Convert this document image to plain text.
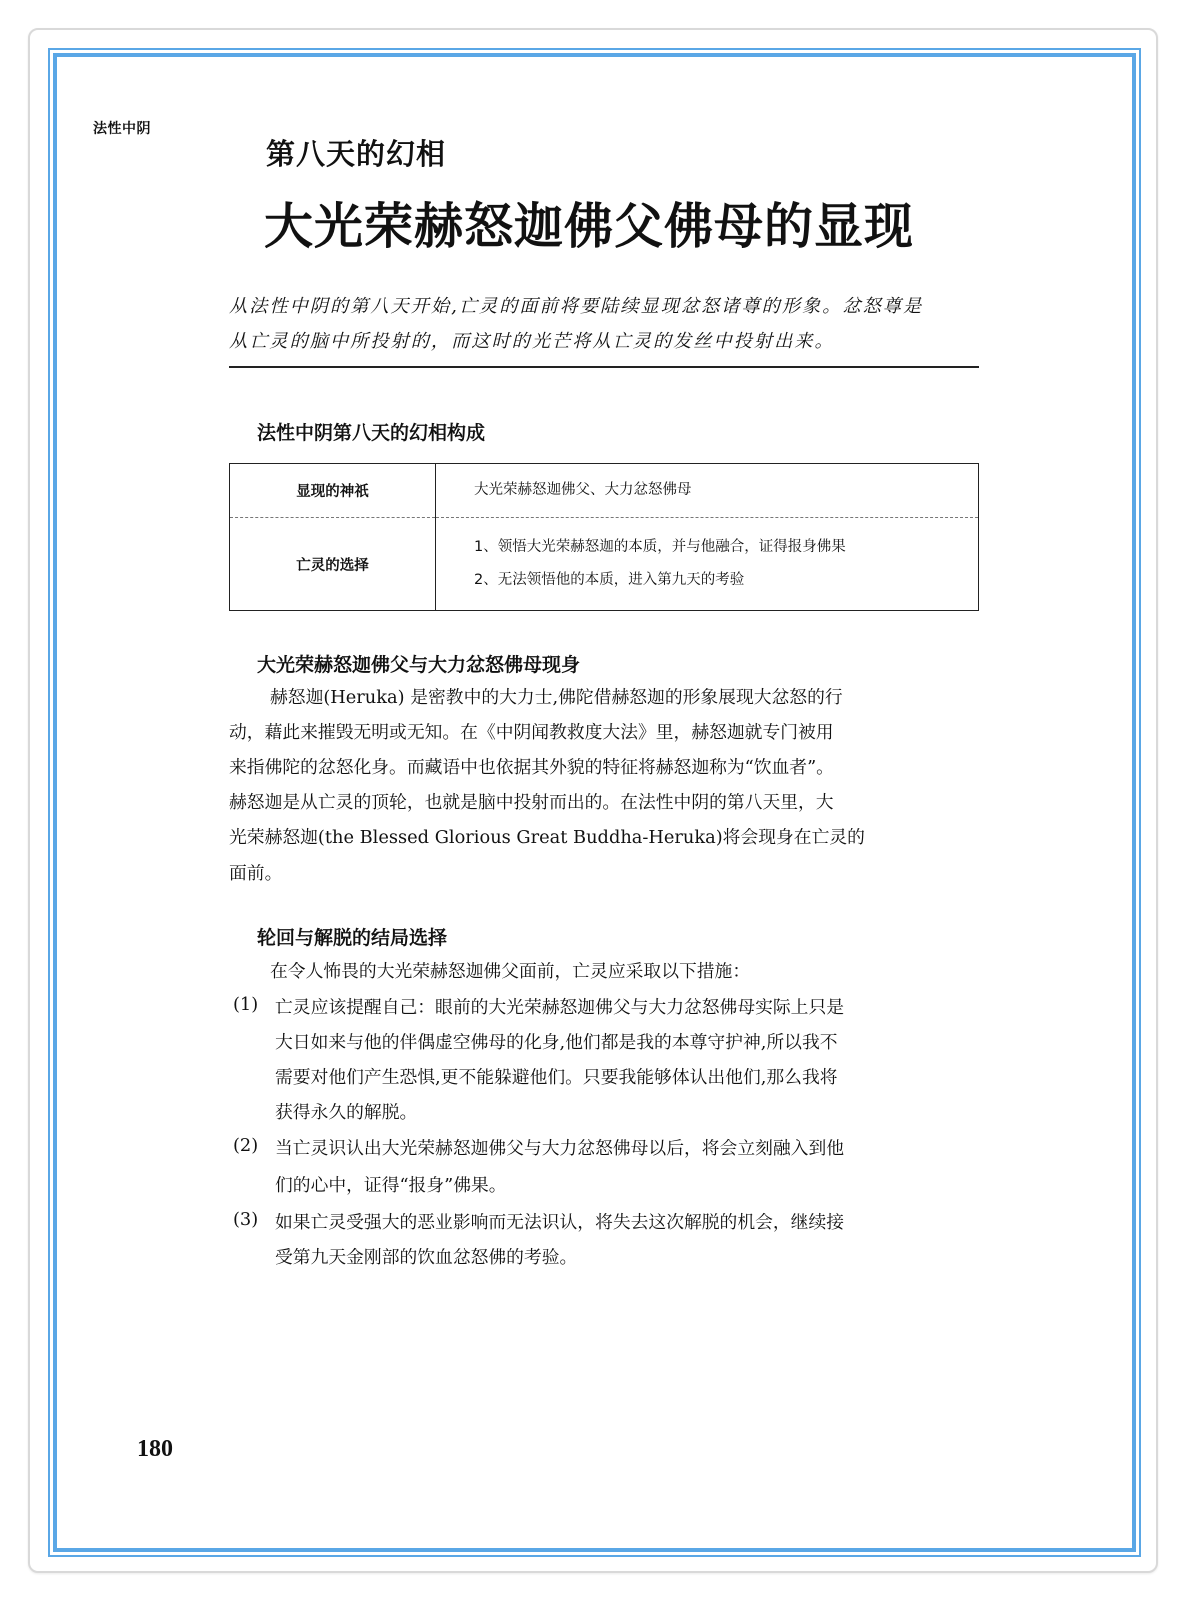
法性中阴
第八天的幻相
大光荣赫怒迦佛父佛母的显现
从法性中阴的第八天开始,亡灵的面前将要陆续显现忿怒诸尊的形象。忿怒尊是
从亡灵的脑中所投射的，而这时的光芒将从亡灵的发丝中投射出来。
法性中阴第八天的幻相构成
显现的神祇	大光荣赫怒迦佛父、大力忿怒佛母

亡灵的选择	1、领悟大光荣赫怒迦的本质，并与他融合，证得报身佛果
2、无法领悟他的本质，进入第九天的考验
大光荣赫怒迦佛父与大力忿怒佛母现身
赫怒迦(Heruka) 是密教中的大力士,佛陀借赫怒迦的形象展现大忿怒的行
动，藉此来摧毁无明或无知。在《中阴闻教救度大法》里，赫怒迦就专门被用
来指佛陀的忿怒化身。而藏语中也依据其外貌的特征将赫怒迦称为“饮血者”。
赫怒迦是从亡灵的顶轮，也就是脑中投射而出的。在法性中阴的第八天里，大
光荣赫怒迦(the Blessed Glorious Great Buddha-Heruka)将会现身在亡灵的
面前。
轮回与解脱的结局选择
在令人怖畏的大光荣赫怒迦佛父面前，亡灵应采取以下措施：
(1) 亡灵应该提醒自己：眼前的大光荣赫怒迦佛父与大力忿怒佛母实际上只是
大日如来与他的伴偶虚空佛母的化身,他们都是我的本尊守护神,所以我不
需要对他们产生恐惧,更不能躲避他们。只要我能够体认出他们,那么我将
获得永久的解脱。
(2) 当亡灵识认出大光荣赫怒迦佛父与大力忿怒佛母以后，将会立刻融入到他
们的心中，证得“报身”佛果。
(3) 如果亡灵受强大的恶业影响而无法识认，将失去这次解脱的机会，继续接
受第九天金刚部的饮血忿怒佛的考验。
180
